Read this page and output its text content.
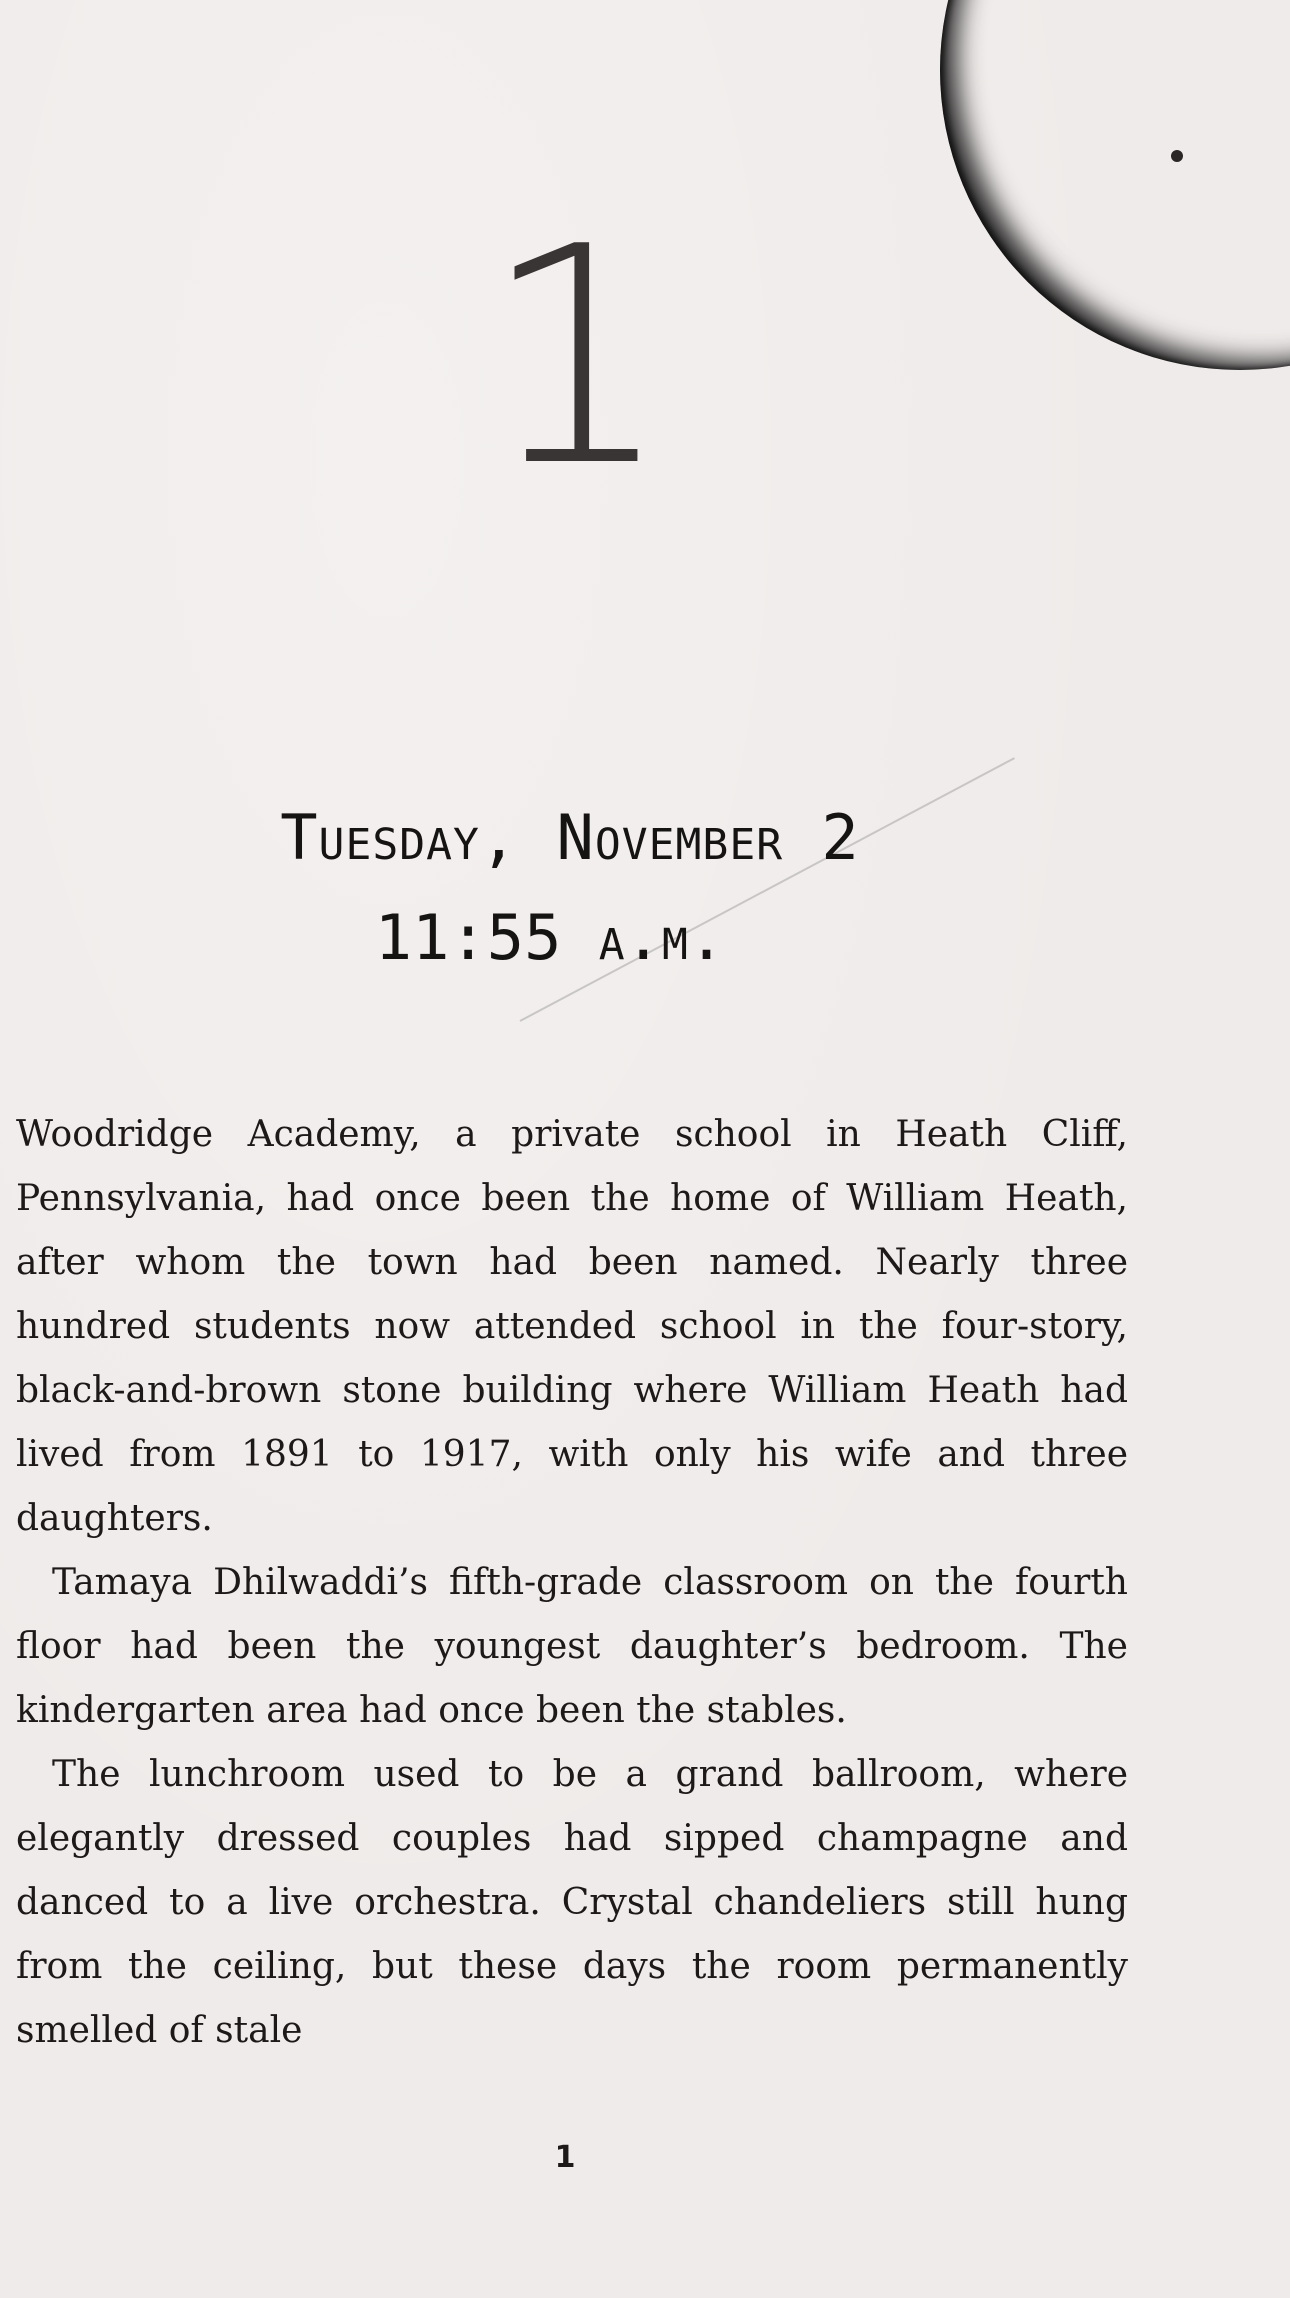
1
Tuesday, November 2
11:55 a.m.

Woodridge Academy, a private school in Heath Cliff, Pennsylvania, had once been the home of William Heath, after whom the town had been named. Nearly three hundred students now attended school in the four-story, black-and-brown stone building where William Heath had lived from 1891 to 1917, with only his wife and three daughters.

Tamaya Dhilwaddi’s fifth-grade classroom on the fourth floor had been the youngest daughter’s bedroom. The kindergarten area had once been the stables.

The lunchroom used to be a grand ballroom, where elegantly dressed couples had sipped champagne and danced to a live orchestra. Crystal chandeliers still hung from the ceiling, but these days the room permanently smelled of stale

1
